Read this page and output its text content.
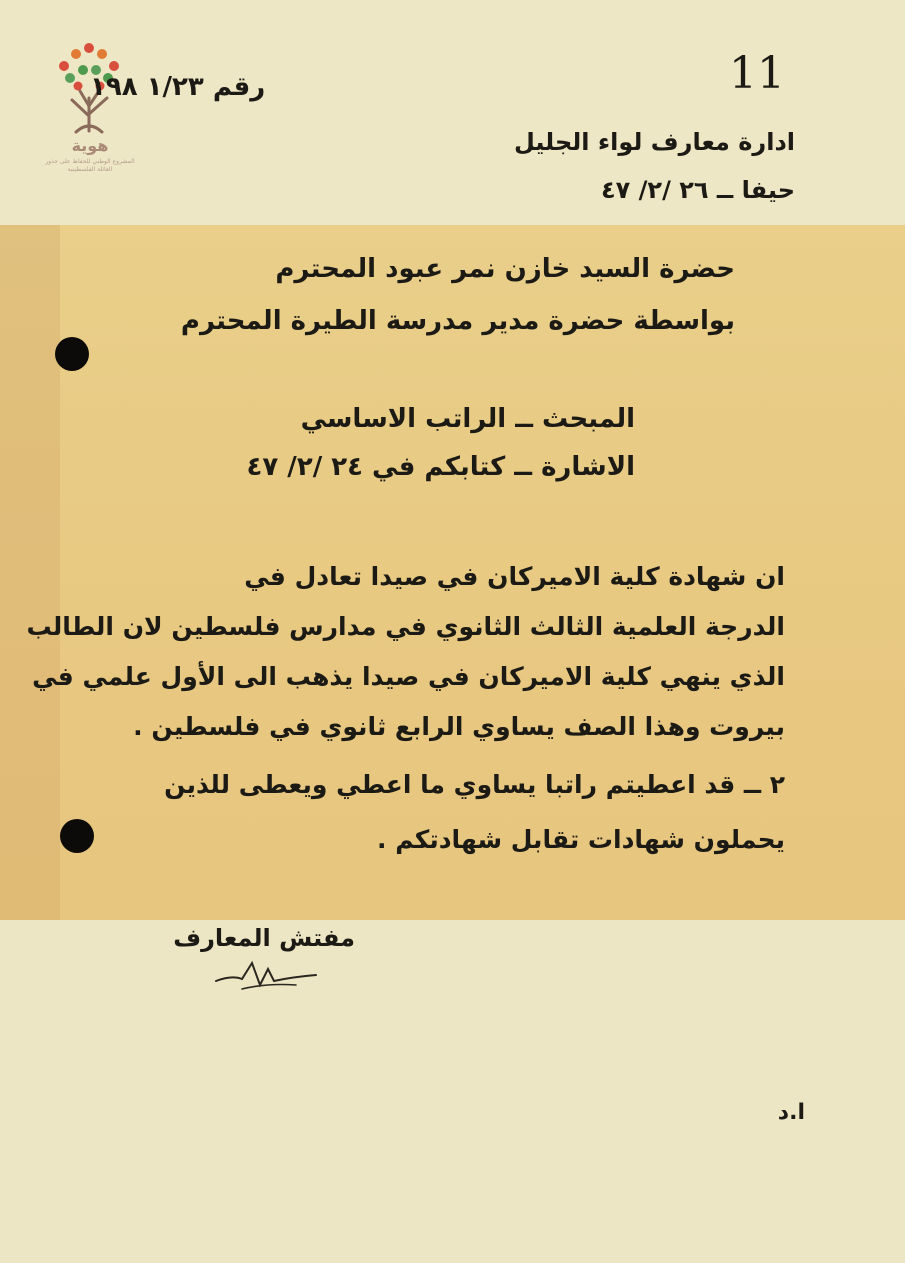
هوية
المشروع الوطني للحفاظ على جذور العائلة الفلسطينية
رقم ١/٢٣ ١٩٨	11
ادارة معارف لواء الجليل
حيفا ــ ٢٦ /٢/ ٤٧
حضرة السيد خازن نمر عبود المحترم
بواسطة حضرة مدير مدرسة الطيرة المحترم
المبحث ــ الراتب الاساسي
الاشارة ــ كتابكم في ٢٤ /٢/ ٤٧
ان شهادة كلية الاميركان في صيدا تعادل في
الدرجة العلمية الثالث الثانوي في مدارس فلسطين لان الطالب
الذي ينهي كلية الاميركان في صيدا يذهب الى الأول علمي في
بيروت وهذا الصف يساوي الرابع ثانوي في فلسطين .
٢ ــ قد اعطيتم راتبا يساوي ما اعطي ويعطى للذين
يحملون شهادات تقابل شهادتكم .
مفتش المعارف
ا.د
